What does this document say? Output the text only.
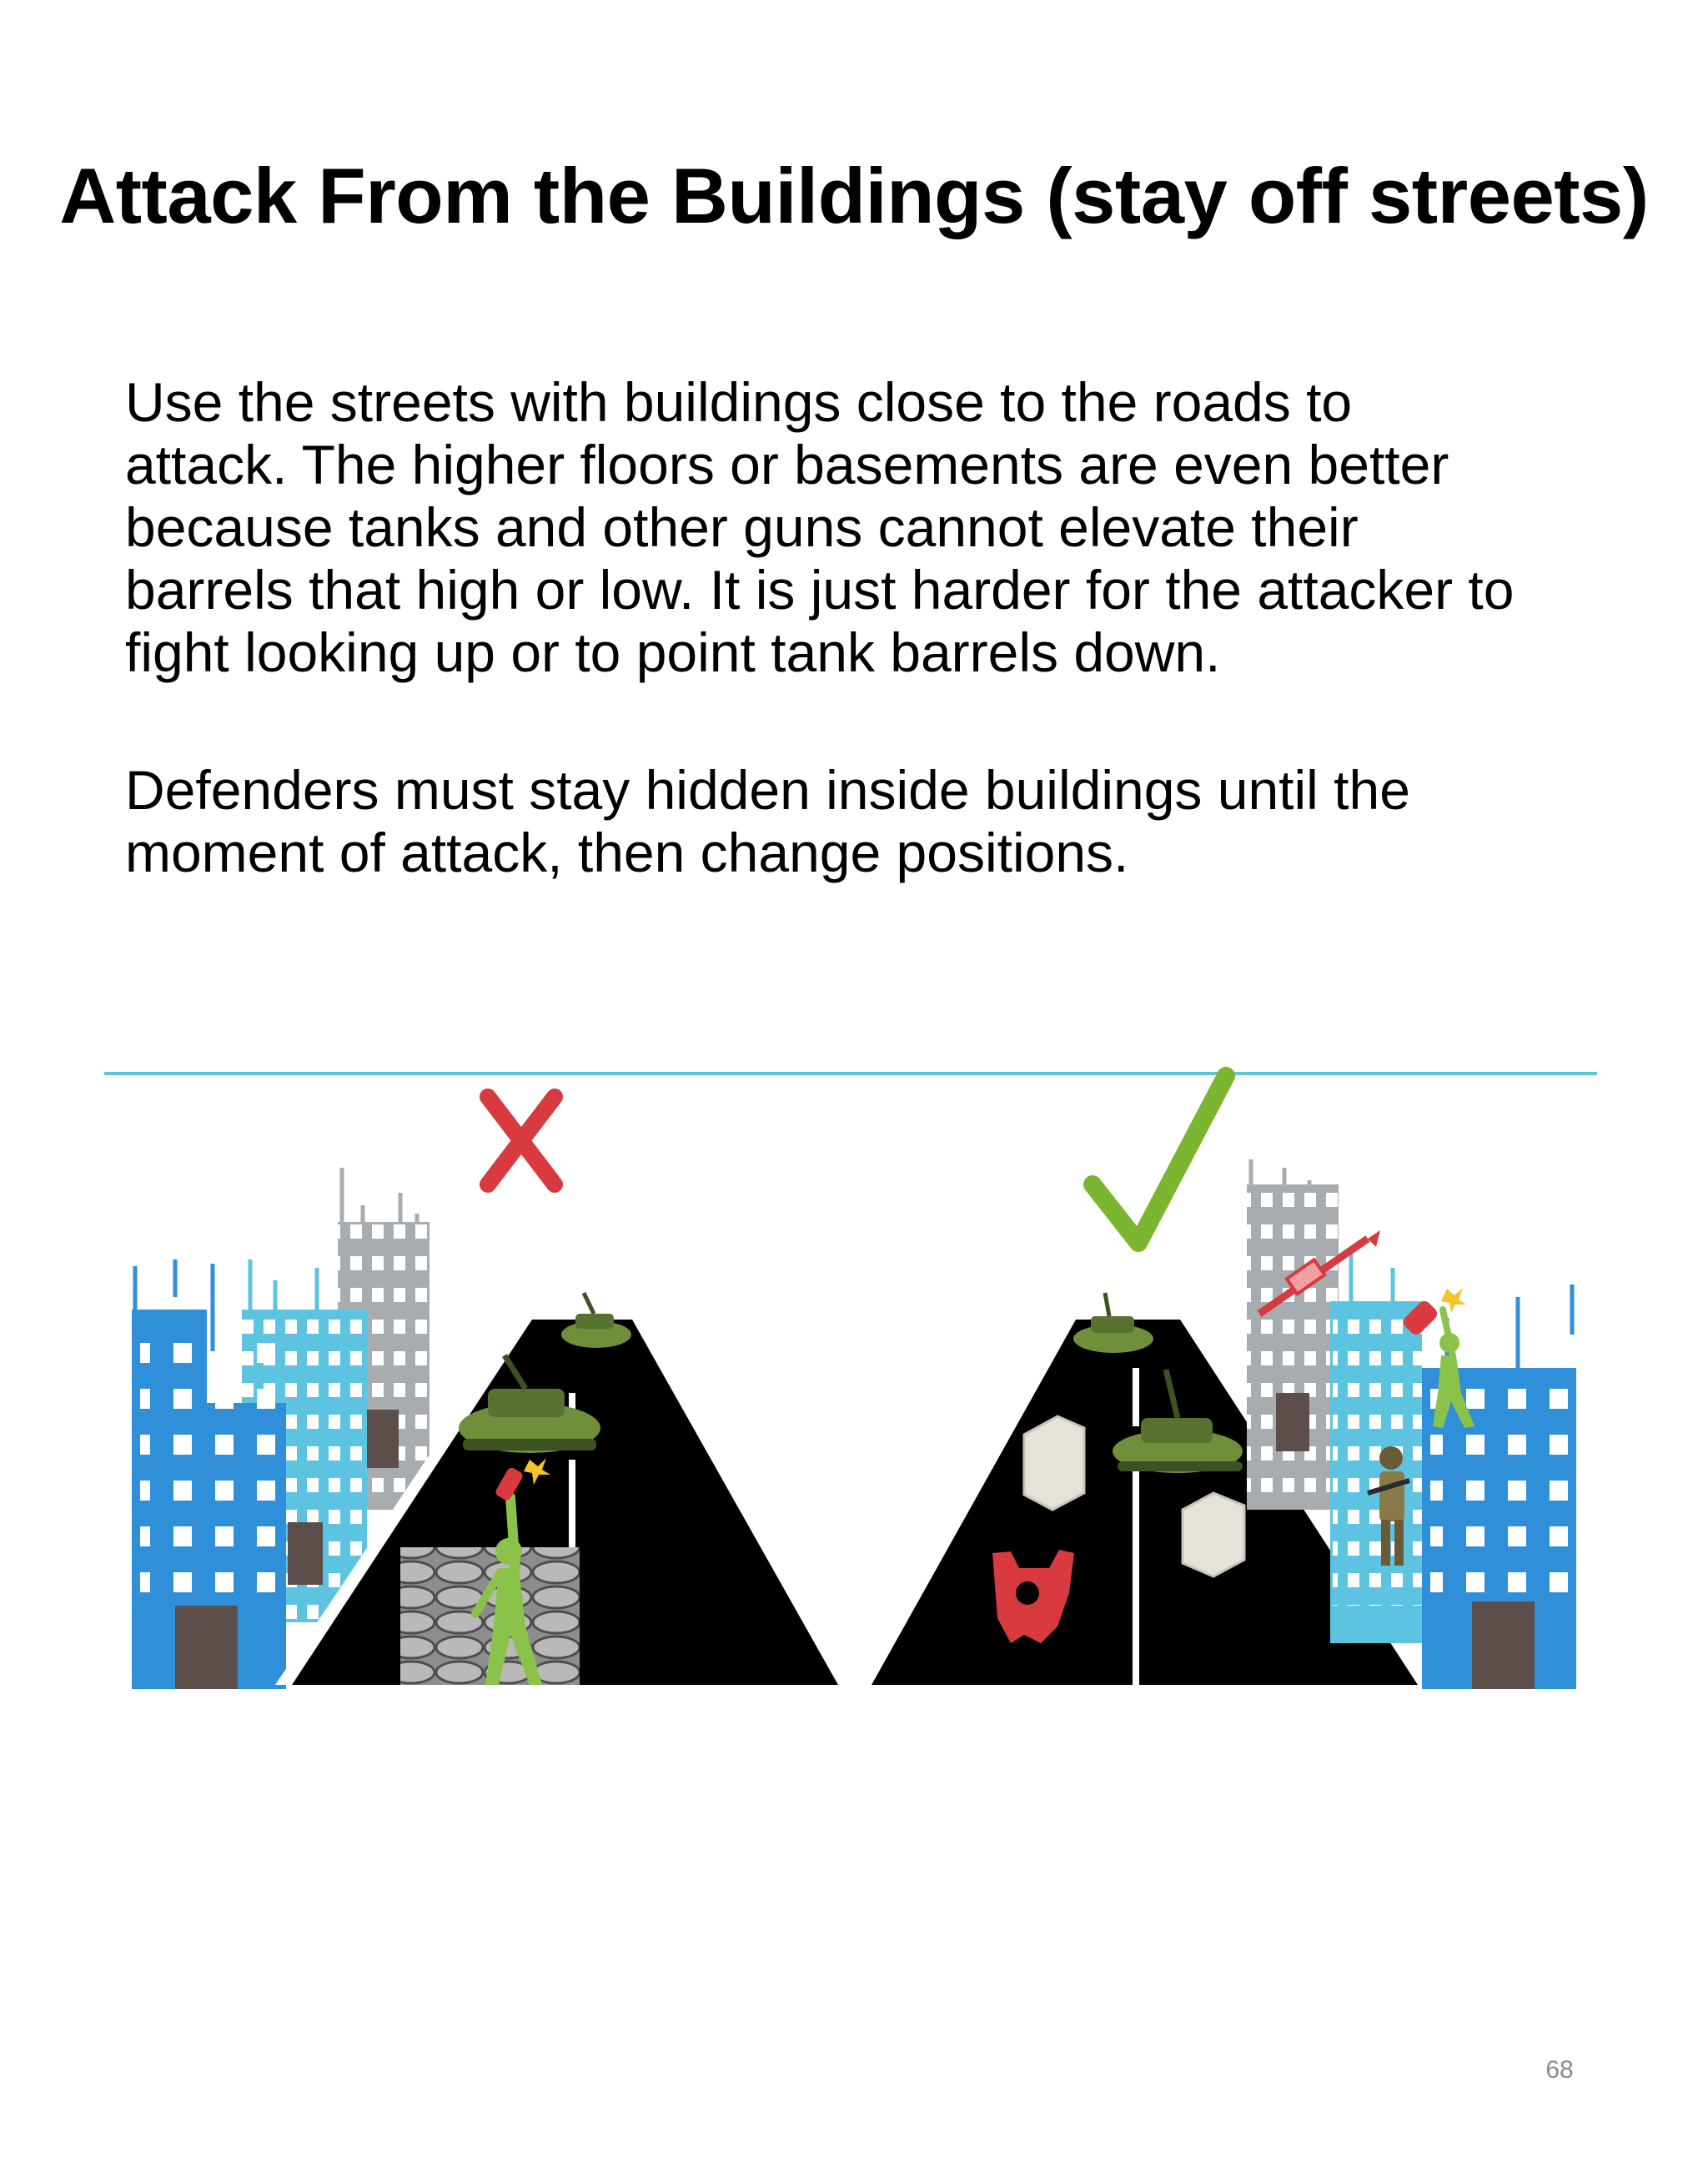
Attack From the Buildings (stay off streets)

Use the streets with buildings close to the roads to
attack. The higher floors or basements are even better
because tanks and other guns cannot elevate their
barrels that high or low. It is just harder for the attacker to
fight looking up or to point tank barrels down.

Defenders must stay hidden inside buildings until the
moment of attack, then change positions.

68
